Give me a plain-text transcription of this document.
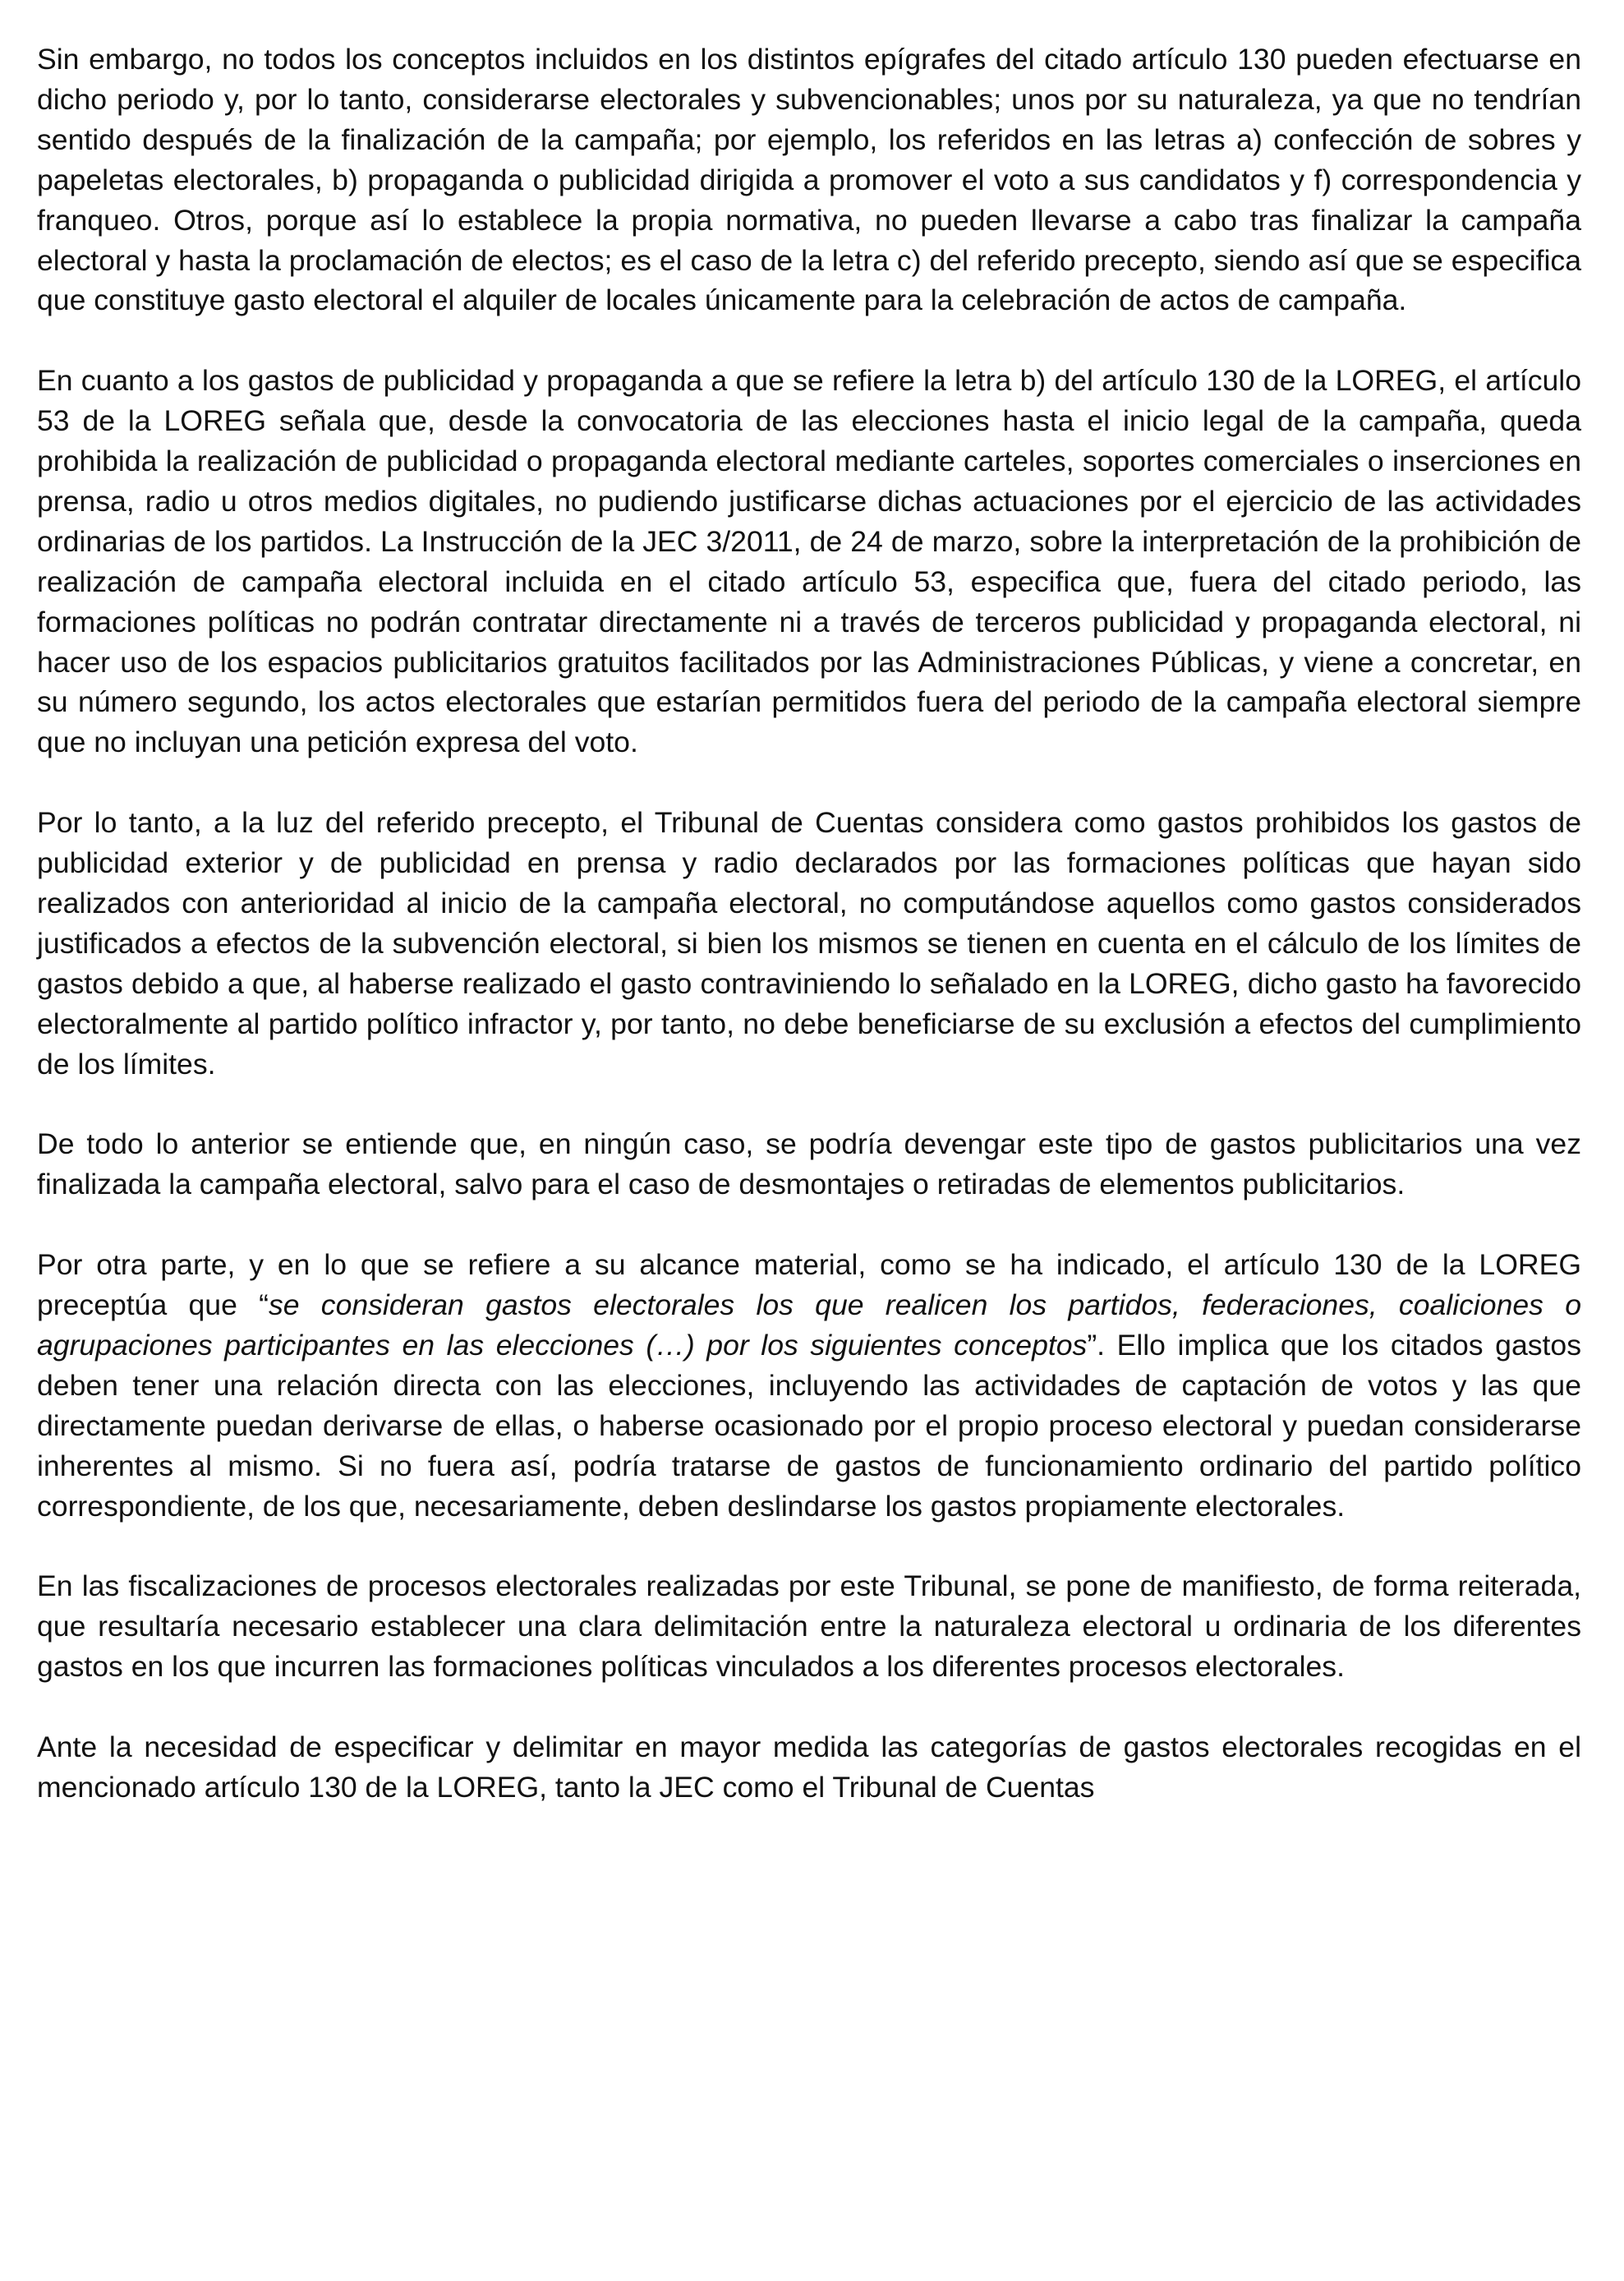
Sin embargo, no todos los conceptos incluidos en los distintos epígrafes del citado artículo 130 pueden efectuarse en dicho periodo y, por lo tanto, considerarse electorales y subvencionables; unos por su naturaleza, ya que no tendrían sentido después de la finalización de la campaña; por ejemplo, los referidos en las letras a) confección de sobres y papeletas electorales, b) propaganda o publicidad dirigida a promover el voto a sus candidatos y f) correspondencia y franqueo. Otros, porque así lo establece la propia normativa, no pueden llevarse a cabo tras finalizar la campaña electoral y hasta la proclamación de electos; es el caso de la letra c) del referido precepto, siendo así que se especifica que constituye gasto electoral el alquiler de locales únicamente para la celebración de actos de campaña.

En cuanto a los gastos de publicidad y propaganda a que se refiere la letra b) del artículo 130 de la LOREG, el artículo 53 de la LOREG señala que, desde la convocatoria de las elecciones hasta el inicio legal de la campaña, queda prohibida la realización de publicidad o propaganda electoral mediante carteles, soportes comerciales o inserciones en prensa, radio u otros medios digitales, no pudiendo justificarse dichas actuaciones por el ejercicio de las actividades ordinarias de los partidos. La Instrucción de la JEC 3/2011, de 24 de marzo, sobre la interpretación de la prohibición de realización de campaña electoral incluida en el citado artículo 53, especifica que, fuera del citado periodo, las formaciones políticas no podrán contratar directamente ni a través de terceros publicidad y propaganda electoral, ni hacer uso de los espacios publicitarios gratuitos facilitados por las Administraciones Públicas, y viene a concretar, en su número segundo, los actos electorales que estarían permitidos fuera del periodo de la campaña electoral siempre que no incluyan una petición expresa del voto.

Por lo tanto, a la luz del referido precepto, el Tribunal de Cuentas considera como gastos prohibidos los gastos de publicidad exterior y de publicidad en prensa y radio declarados por las formaciones políticas que hayan sido realizados con anterioridad al inicio de la campaña electoral, no computándose aquellos como gastos considerados justificados a efectos de la subvención electoral, si bien los mismos se tienen en cuenta en el cálculo de los límites de gastos debido a que, al haberse realizado el gasto contraviniendo lo señalado en la LOREG, dicho gasto ha favorecido electoralmente al partido político infractor y, por tanto, no debe beneficiarse de su exclusión a efectos del cumplimiento de los límites.

De todo lo anterior se entiende que, en ningún caso, se podría devengar este tipo de gastos publicitarios una vez finalizada la campaña electoral, salvo para el caso de desmontajes o retiradas de elementos publicitarios.

Por otra parte, y en lo que se refiere a su alcance material, como se ha indicado, el artículo 130 de la LOREG preceptúa que “se consideran gastos electorales los que realicen los partidos, federaciones, coaliciones o agrupaciones participantes en las elecciones (…) por los siguientes conceptos”. Ello implica que los citados gastos deben tener una relación directa con las elecciones, incluyendo las actividades de captación de votos y las que directamente puedan derivarse de ellas, o haberse ocasionado por el propio proceso electoral y puedan considerarse inherentes al mismo. Si no fuera así, podría tratarse de gastos de funcionamiento ordinario del partido político correspondiente, de los que, necesariamente, deben deslindarse los gastos propiamente electorales.

En las fiscalizaciones de procesos electorales realizadas por este Tribunal, se pone de manifiesto, de forma reiterada, que resultaría necesario establecer una clara delimitación entre la naturaleza electoral u ordinaria de los diferentes gastos en los que incurren las formaciones políticas vinculados a los diferentes procesos electorales.

Ante la necesidad de especificar y delimitar en mayor medida las categorías de gastos electorales recogidas en el mencionado artículo 130 de la LOREG, tanto la JEC como el Tribunal de Cuentas
